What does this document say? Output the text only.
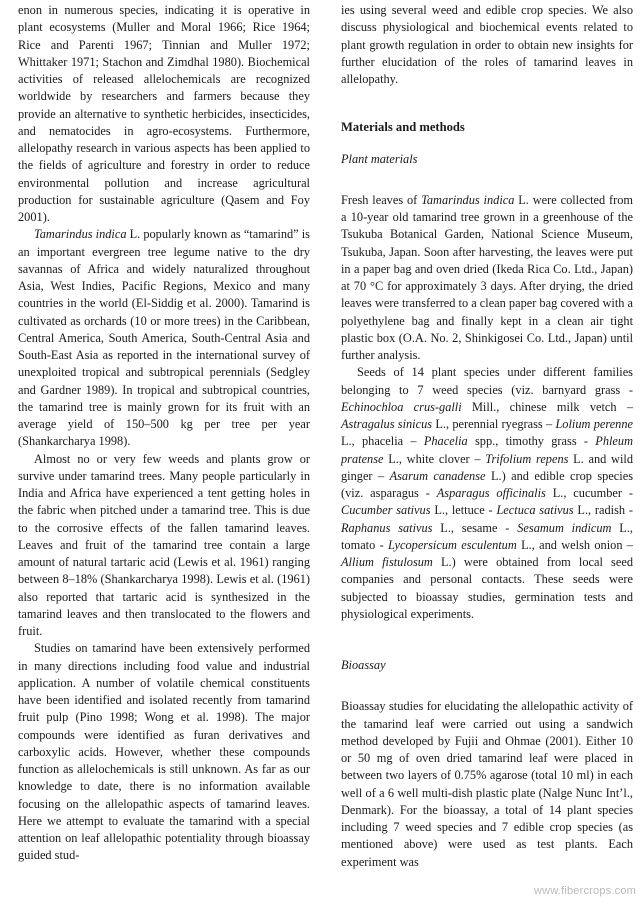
enon in numerous species, indicating it is operative in plant ecosystems (Muller and Moral 1966; Rice 1964; Rice and Parenti 1967; Tinnian and Muller 1972; Whittaker 1971; Stachon and Zimdhal 1980). Biochemical activities of released allelochemicals are recognized worldwide by researchers and farmers because they provide an alternative to synthetic herbicides, insecticides, and nematocides in agro-ecosystems. Furthermore, allelopathy research in various aspects has been applied to the fields of agriculture and forestry in order to reduce environmental pollution and increase agricultural production for sustainable agriculture (Qasem and Foy 2001).

Tamarindus indica L. popularly known as “tamarind” is an important evergreen tree legume native to the dry savannas of Africa and widely naturalized throughout Asia, West Indies, Pacific Regions, Mexico and many countries in the world (El-Siddig et al. 2000). Tamarind is cultivated as orchards (10 or more trees) in the Caribbean, Central America, South America, South-Central Asia and South-East Asia as reported in the international survey of unexploited tropical and subtropical perennials (Sedgley and Gardner 1989). In tropical and subtropical countries, the tamarind tree is mainly grown for its fruit with an average yield of 150–500 kg per tree per year (Shankarcharya 1998).

Almost no or very few weeds and plants grow or survive under tamarind trees. Many people particularly in India and Africa have experienced a tent getting holes in the fabric when pitched under a tamarind tree. This is due to the corrosive effects of the fallen tamarind leaves. Leaves and fruit of the tamarind tree contain a large amount of natural tartaric acid (Lewis et al. 1961) ranging between 8–18% (Shankarcharya 1998). Lewis et al. (1961) also reported that tartaric acid is synthesized in the tamarind leaves and then translocated to the flowers and fruit.

Studies on tamarind have been extensively performed in many directions including food value and industrial application. A number of volatile chemical constituents have been identified and isolated recently from tamarind fruit pulp (Pino 1998; Wong et al. 1998). The major compounds were identified as furan derivatives and carboxylic acids. However, whether these compounds function as allelochemicals is still unknown. As far as our knowledge to date, there is no information available focusing on the allelopathic aspects of tamarind leaves. Here we attempt to evaluate the tamarind with a special attention on leaf allelopathic potentiality through bioassay guided stud-

ies using several weed and edible crop species. We also discuss physiological and biochemical events related to plant growth regulation in order to obtain new insights for further elucidation of the roles of tamarind leaves in allelopathy.

Materials and methods

Plant materials

Fresh leaves of Tamarindus indica L. were collected from a 10-year old tamarind tree grown in a greenhouse of the Tsukuba Botanical Garden, National Science Museum, Tsukuba, Japan. Soon after harvesting, the leaves were put in a paper bag and oven dried (Ikeda Rica Co. Ltd., Japan) at 70 °C for approximately 3 days. After drying, the dried leaves were transferred to a clean paper bag covered with a polyethylene bag and finally kept in a clean air tight plastic box (O.A. No. 2, Shinkigosei Co. Ltd., Japan) until further analysis.

Seeds of 14 plant species under different families belonging to 7 weed species (viz. barnyard grass - Echinochloa crus-galli Mill., chinese milk vetch – Astragalus sinicus L., perennial ryegrass – Lolium perenne L., phacelia – Phacelia spp., timothy grass - Phleum pratense L., white clover – Trifolium repens L. and wild ginger – Asarum canadense L.) and edible crop species (viz. asparagus - Asparagus officinalis L., cucumber - Cucumber sativus L., lettuce - Lectuca sativus L., radish - Raphanus sativus L., sesame - Sesamum indicum L., tomato - Lycopersicum esculentum L., and welsh onion – Allium fistulosum L.) were obtained from local seed companies and personal contacts. These seeds were subjected to bioassay studies, germination tests and physiological experiments.

Bioassay

Bioassay studies for elucidating the allelopathic activity of the tamarind leaf were carried out using a sandwich method developed by Fujii and Ohmae (2001). Either 10 or 50 mg of oven dried tamarind leaf were placed in between two layers of 0.75% agarose (total 10 ml) in each well of a 6 well multi-dish plastic plate (Nalge Nunc Int’l., Denmark). For the bioassay, a total of 14 plant species including 7 weed species and 7 edible crop species (as mentioned above) were used as test plants. Each experiment was

www.fibercrops.com
